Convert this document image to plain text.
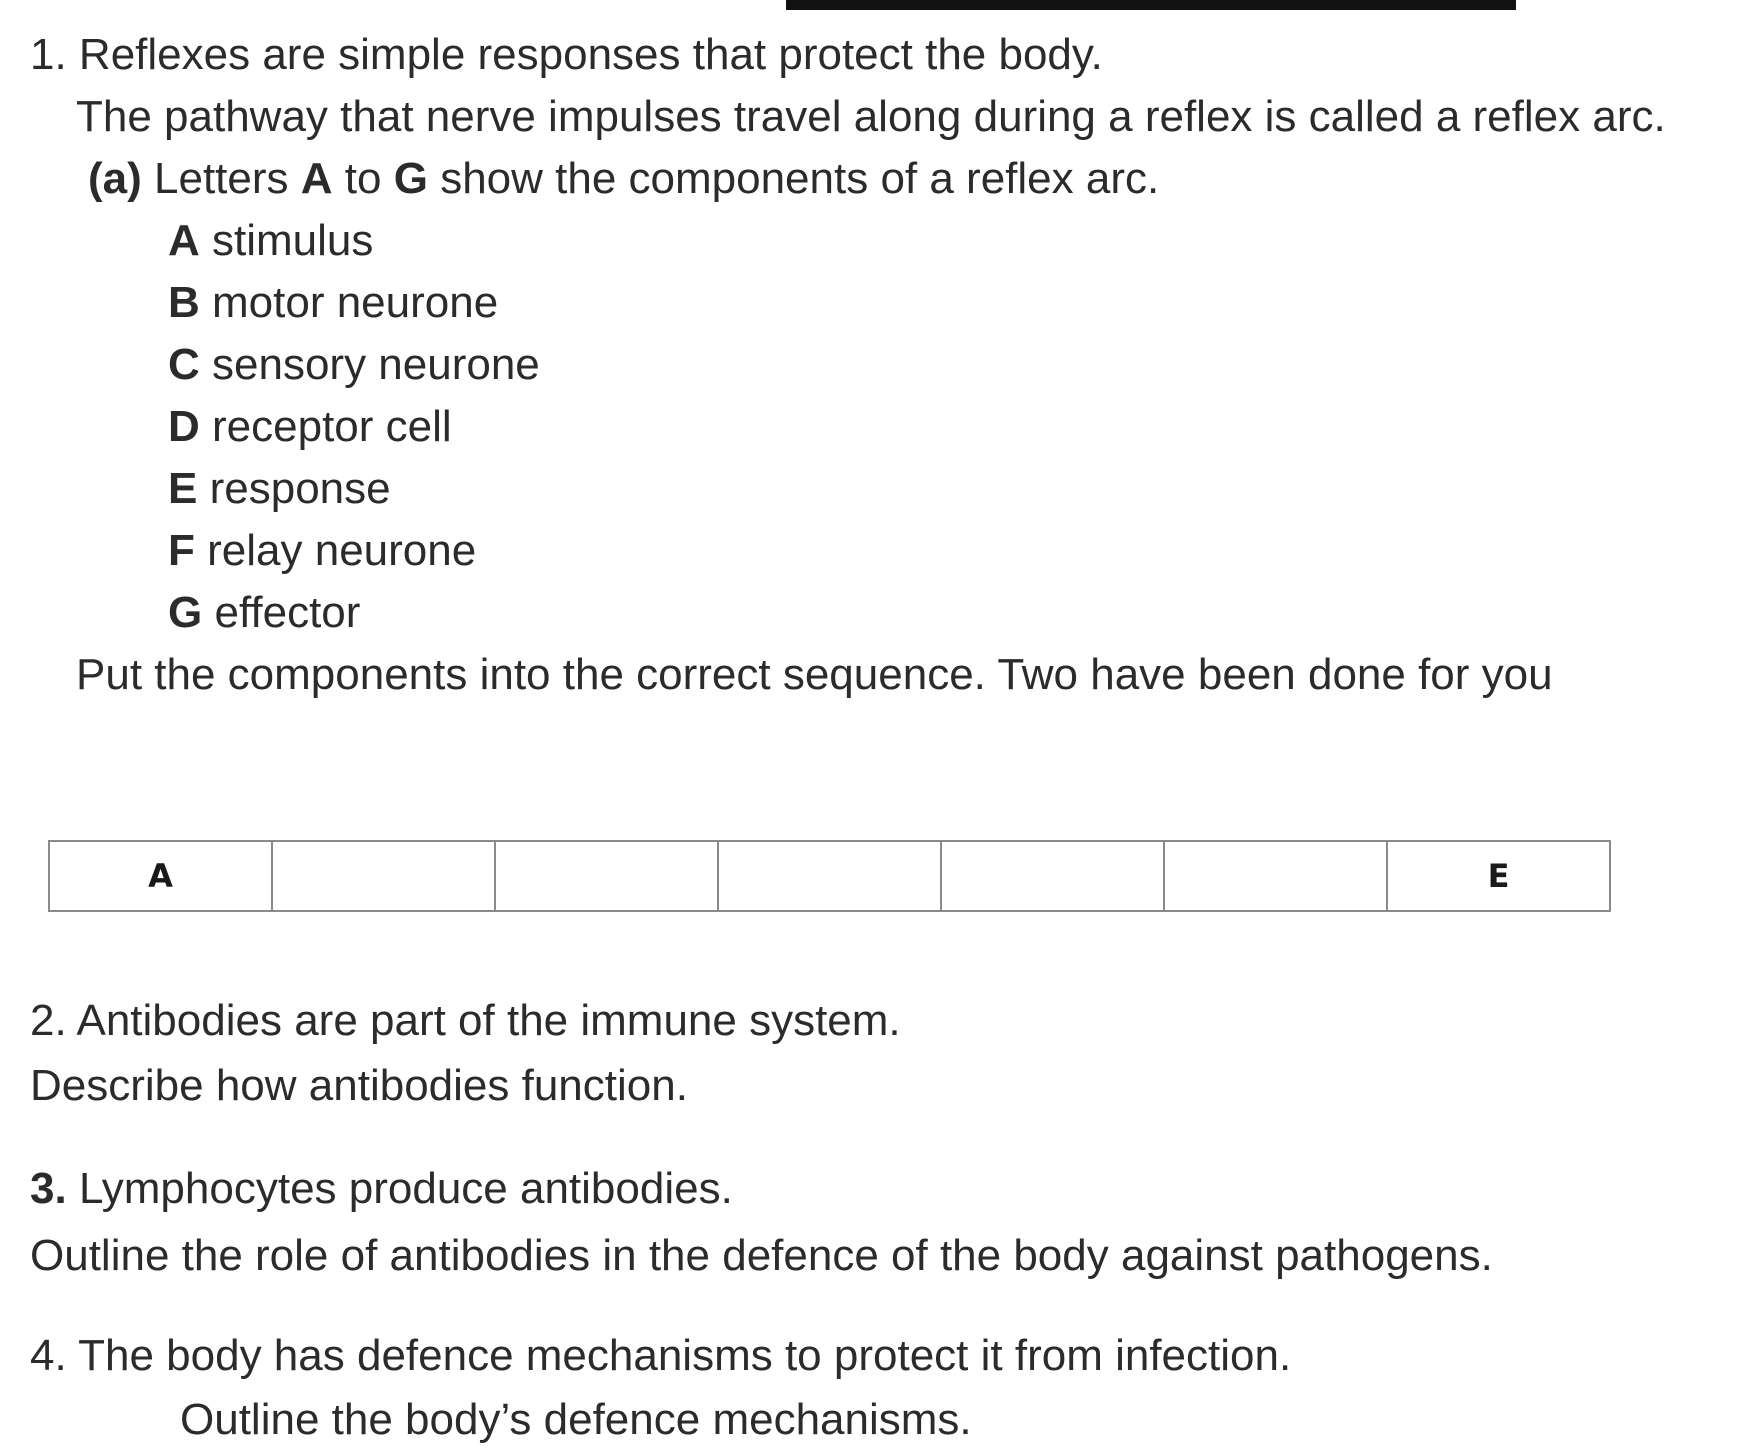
1. Reflexes are simple responses that protect the body.
The pathway that nerve impulses travel along during a reflex is called a reflex arc.
(a) Letters A to G show the components of a reflex arc.
A stimulus
B motor neurone
C sensory neurone
D receptor cell
E response
F relay neurone
G effector
Put the components into the correct sequence. Two have been done for you
A						E
2. Antibodies are part of the immune system.
Describe how antibodies function.
3. Lymphocytes produce antibodies.
Outline the role of antibodies in the defence of the body against pathogens.
4. The body has defence mechanisms to protect it from infection.
Outline the body’s defence mechanisms.
